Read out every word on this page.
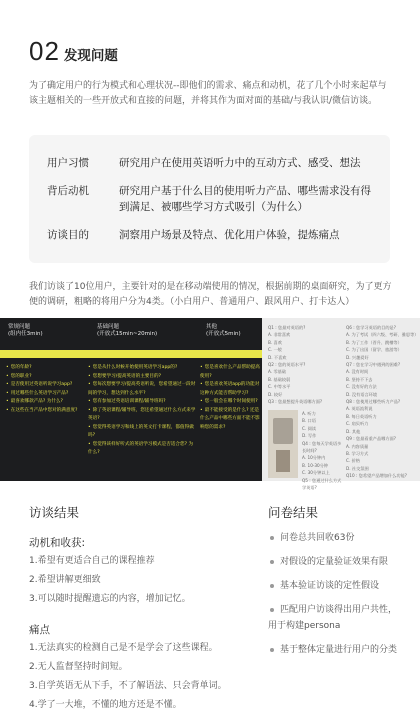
02 发现问题

为了确定用户的行为模式和心理状况--即他们的需求、痛点和动机，花了几个小时来起草与该主题相关的一些开放式和直接的问题，并将其作为面对面的基础/与我认识/微信访谈。

用户习惯	研究用户在使用英语听力中的互动方式、感受、想法
背后动机	研究用户基于什么目的使用听力产品、哪些需求没有得到满足、被哪些学习方式吸引（为什么）
访谈目的	洞察用户场景及特点、优化用户体验，提炼痛点

我们访谈了10位用户，主要针对的是在移动端使用的情况，根据前期的桌面研究，为了更方便的调研，粗略的将用户分为4类。（小白用户、普通用户、跟风用户、打卡达人）

常规问题
(组内任3min)
基础问题
(开放式15min~20min)
其他
(开放式5min)
• 您的年龄?
• 您的职业?
• 是否使用过英语听说学习app?
• 用过哪些什么英语学习产品?
• 最喜欢哪款产品? 为什么?
• 在这些在当产品中您对的满意度?
• 您是从什么时候开始使用英语学习app的?
• 您想要学习/提高英语的主要目的?
• 您每次想要学习/提高英语听说，您希望通过一段时间的学习，想达到什么水平?
• 您有参加过英语培训课程/辅导班吗?
• 除了英语课程/辅导班，您还希望通过什么方式来学英语?
• 您觉得英语学习和线上的英文打卡课程，都值得做吗?
• 您觉得该样好听式的英语学习模式是否适合您? 为什么?
• 您是喜欢什么产品帮助提高使用?
• 您是喜欢英语app的功能对这种方式能否帮助学习?
• 您一般会在哪个时间使用?
• 最不能接受的是什么? 还是什么产品中哪些方面不能不影响您的需求?
Q1 : 您最对英语的?
A. 非常喜欢
B. 喜欢
C. 一般
D. 不喜欢
Q2 : 您的英语水平?
A. 零基础
B. 基础较弱
C. 中等水平
D. 较好
Q3 : 您最想提升英语哪方面?
A. 听力
B. 口语
C. 阅读
D. 写作
Q4 : 您每天学英语多长时间?
A. 10分钟内
B. 10-30分钟
C. 30分钟以上
Q5 : 您通过什么方式学英语?
Q6 : 您学习英语的目的是?
A. 为了考试（四六级、考研、雅思等）
B. 为了工作（晋升、跳槽等）
C. 为了出国（留学、旅游等）
D. 兴趣爱好
Q7 : 您在学习中遇到的困难?
A. 没有时间
B. 坚持不下去
C. 没有好的方法
D. 没有语言环境
Q8 : 您使用过哪些听力产品?
A. 英语流利说
B. 每日英语听力
C. 扇贝听力
D. 其他
Q9 : 您最看重产品哪方面?
A. 内容质量
B. 学习方式
C. 价格
D. 社交氛围
Q10 : 您希望产品增加什么功能?
访谈结果
动机和收获:
1.希望有更适合自己的课程推荐
2.希望讲解更细致
3.可以随时提醒遗忘的内容，增加记忆。
痛点
1.无法真实的检测自己是不是学会了这些课程。
2.无人监督坚持时间短。
3.自学英语无从下手，不了解语法、只会背单词。
4.学了一大堆，不懂的地方还是不懂。
问卷结果
问卷总共回收63份
对假设的定量验证效果有限
基本验证访谈的定性假设
匹配用户访谈得出用户共性，
用于构建persona
基于整体定量进行用户的分类
